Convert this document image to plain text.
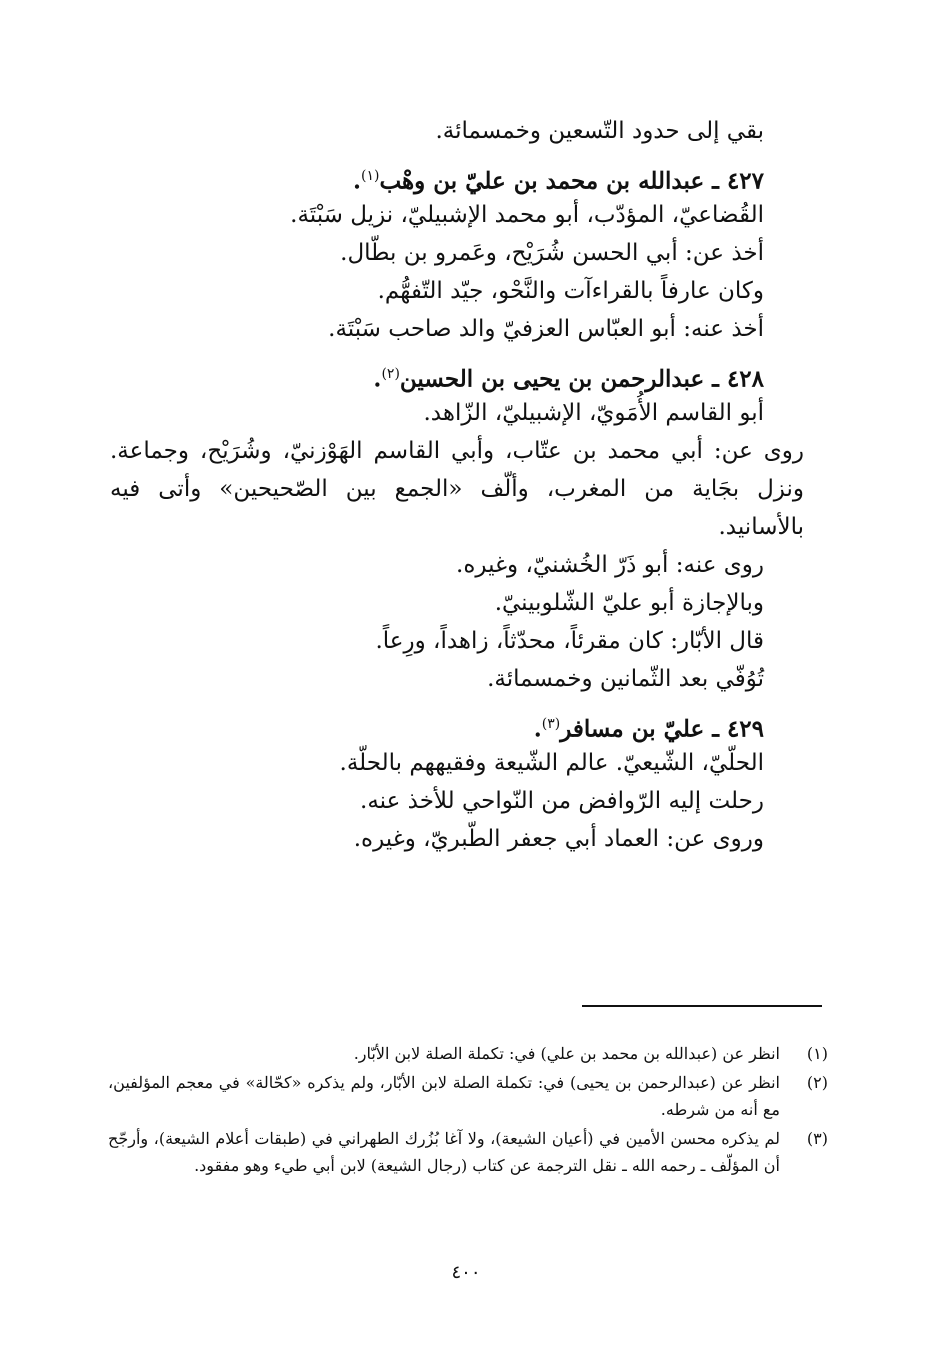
بقي إلى حدود التّسعين وخمسمائة.
٤٢٧ ـ عبدالله بن محمد بن عليّ بن وهْب$^{(١)}$.
القُضاعيّ، المؤدّب، أبو محمد الإشبيليّ، نزيل سَبْتَة.
أخذ عن: أبي الحسن شُرَيْح، وعَمرو بن بطّال.
وكان عارفاً بالقراءآت والنَّحْو، جيّد التّفهُّم.
أخذ عنه: أبو العبّاس العزفيّ والد صاحب سَبْتَة.
٤٢٨ ـ عبدالرحمن بن يحيى بن الحسين$^{(٢)}$.
أبو القاسم الأُمَويّ، الإشبيليّ، الزّاهد.
روى عن: أبي محمد بن عتّاب، وأبي القاسم الهَوْزنيّ، وشُرَيْح، وجماعة.
ونزل بجَاية من المغرب، وألّف «الجمع بين الصّحيحين» وأتى فيه
بالأسانيد.
روى عنه: أبو ذَرّ الخُشنيّ، وغيره.
وبالإجازة أبو عليّ الشّلوبينيّ.
قال الأبّار: كان مقرئاً، محدّثاً، زاهداً، ورِعاً.
تُوُفّي بعد الثّمانين وخمسمائة.
٤٢٩ ـ عليّ بن مسافر$^{(٣)}$.
الحلّيّ، الشّيعيّ. عالم الشّيعة وفقيههم بالحلّة.
رحلت إليه الرّوافض من النّواحي للأخذ عنه.
وروى عن: العماد أبي جعفر الطّبريّ، وغيره.
(١)
انظر عن (عبدالله بن محمد بن علي) في: تكملة الصلة لابن الأبّار.
(٢)
انظر عن (عبدالرحمن بن يحيى) في: تكملة الصلة لابن الأبّار، ولم يذكره «كحّالة» في معجم المؤلفين، مع أنه من شرطه.
(٣)
لم يذكره محسن الأمين في (أعيان الشيعة)، ولا آغا بُزُرك الطهراني في (طبقات أعلام الشيعة)، وأرجّح أن المؤلّف ـ رحمه الله ـ نقل الترجمة عن كتاب (رجال الشيعة) لابن أبي طيء وهو مفقود.
٤٠٠
